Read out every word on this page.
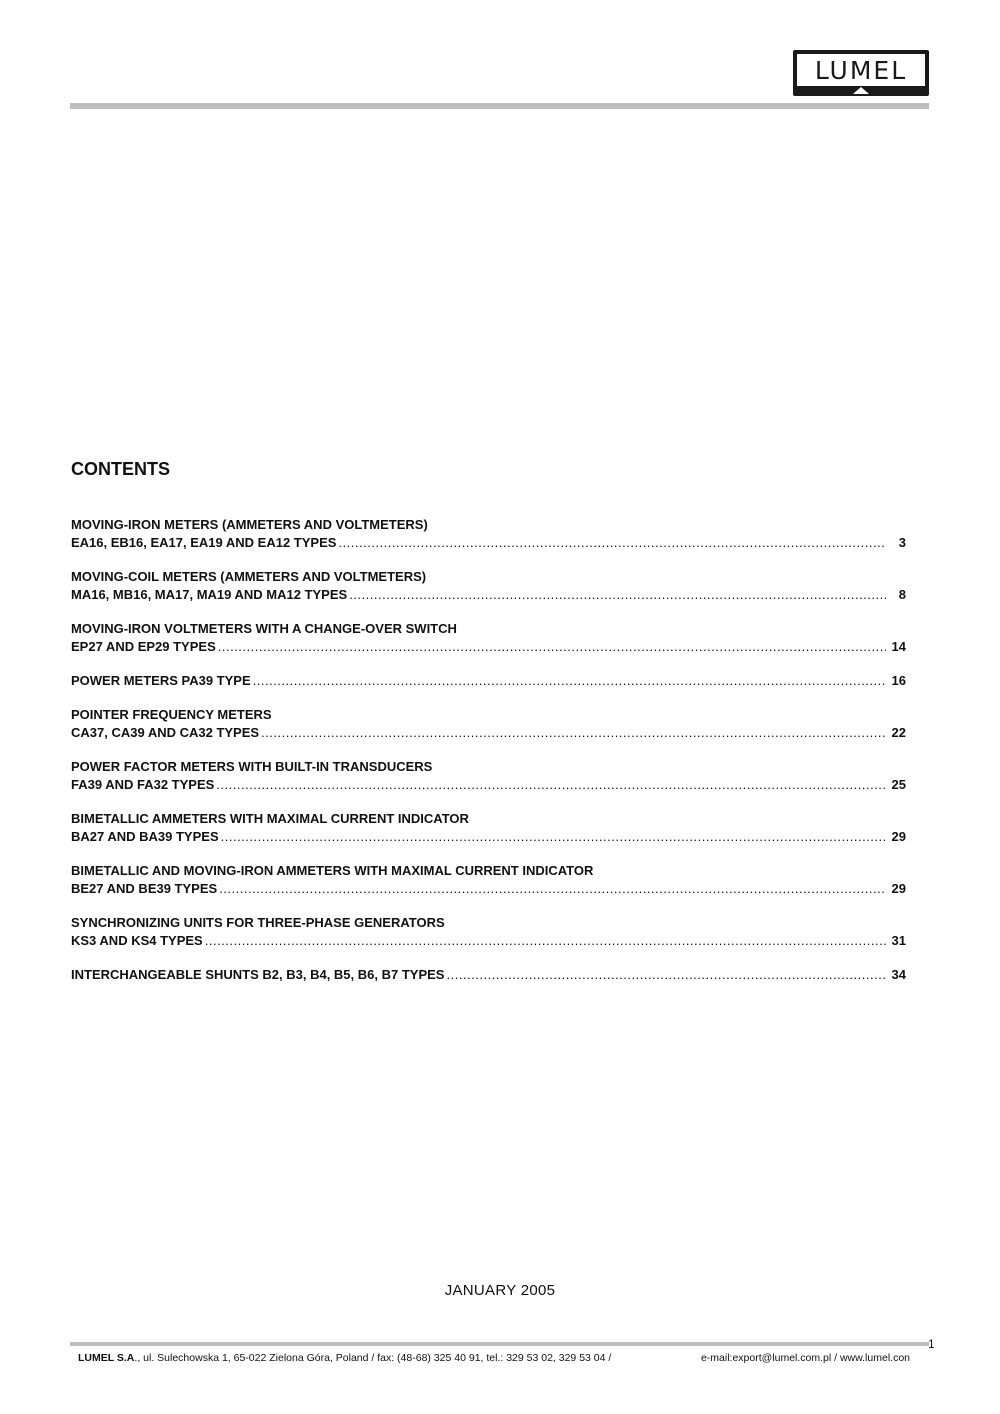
LUMEL
CONTENTS
MOVING-IRON METERS (AMMETERS AND VOLTMETERS)
EA16, EB16, EA17, EA19 AND EA12 TYPES .....	3
MOVING-COIL METERS (AMMETERS AND VOLTMETERS)
MA16, MB16, MA17, MA19 AND MA12 TYPES .....	8
MOVING-IRON VOLTMETERS WITH A CHANGE-OVER SWITCH
EP27 AND EP29 TYPES .....	14
POWER METERS PA39 TYPE .....	16
POINTER FREQUENCY METERS
CA37, CA39 AND CA32 TYPES .....	22
POWER FACTOR METERS WITH BUILT-IN TRANSDUCERS
FA39 AND FA32 TYPES .....	25
BIMETALLIC AMMETERS WITH MAXIMAL CURRENT INDICATOR
BA27 AND BA39 TYPES .....	29
BIMETALLIC AND MOVING-IRON AMMETERS WITH MAXIMAL CURRENT INDICATOR
BE27 AND BE39 TYPES .....	29
SYNCHRONIZING UNITS FOR THREE-PHASE GENERATORS
KS3 AND KS4 TYPES .....	31
INTERCHANGEABLE SHUNTS B2, B3, B4, B5, B6, B7 TYPES .....	34
JANUARY 2005
1
LUMEL S.A., ul. Sulechowska 1, 65-022 Zielona Góra, Poland / fax: (48-68) 325 40 91, tel.: 329 53 02, 329 53 04 /	e-mail:export@lumel.com.pl / www.lumel.con
